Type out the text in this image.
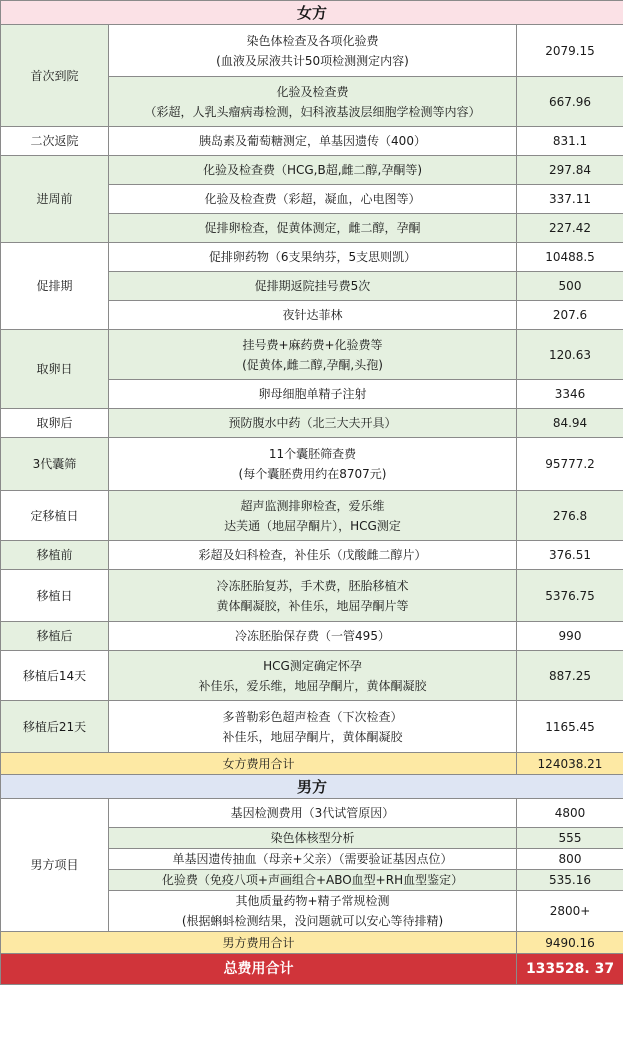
女方		
首次到院	染色体检查及各项化验费
(血液及尿液共计50项检测测定内容)	2079.15

	化验及检查费
（彩超，人乳头瘤病毒检测，妇科液基波层细胞学检测等内容）	667.96
二次返院	胰岛素及葡萄糖测定，单基因遗传（400）	831.1
进周前	化验及检查费（HCG,B超,雌二醇,孕酮等)	297.84

	化验及检查费（彩超，凝血，心电图等）	337.11

	促排卵检查，促黄体测定，雌二醇，孕酮	227.42
促排期	促排卵药物（6支果纳芬，5支思则凯）	10488.5

	促排期返院挂号费5次	500

	夜针达菲林	207.6
取卵日	挂号费+麻药费+化验费等
(促黄体,雌二醇,孕酮,头孢)	120.63

	卵母细胞单精子注射	3346
取卵后	预防腹水中药（北三大夫开具）	84.94
3代囊筛	11个囊胚筛查费
(每个囊胚费用约在8707元)	95777.2
定移植日	超声监测排卵检查，爱乐维
达芙通（地屈孕酮片），HCG测定	276.8
移植前	彩超及妇科检查，补佳乐（戊酸雌二醇片）	376.51
移植日	冷冻胚胎复苏，手术费，胚胎移植术
黄体酮凝胶，补佳乐，地屈孕酮片等	5376.75
移植后	冷冻胚胎保存费（一管495）	990
移植后14天	HCG测定确定怀孕
补佳乐，爱乐维，地屈孕酮片，黄体酮凝胶	887.25
移植后21天	多普勒彩色超声检查（下次检查）
补佳乐，地屈孕酮片，黄体酮凝胶	1165.45
女方费用合计		124038.21
男方		
男方项目	基因检测费用（3代试管原因）	4800

	染色体核型分析	555

	单基因遗传抽血（母亲+父亲）（需要验证基因点位）	800

	化验费（免疫八项+声画组合+ABO血型+RH血型鉴定）	535.16

	其他质量药物+精子常规检测
(根据蝌蚪检测结果，没问题就可以安心等待排精)	2800+
男方费用合计		9490.16
总费用合计		133528. 37
